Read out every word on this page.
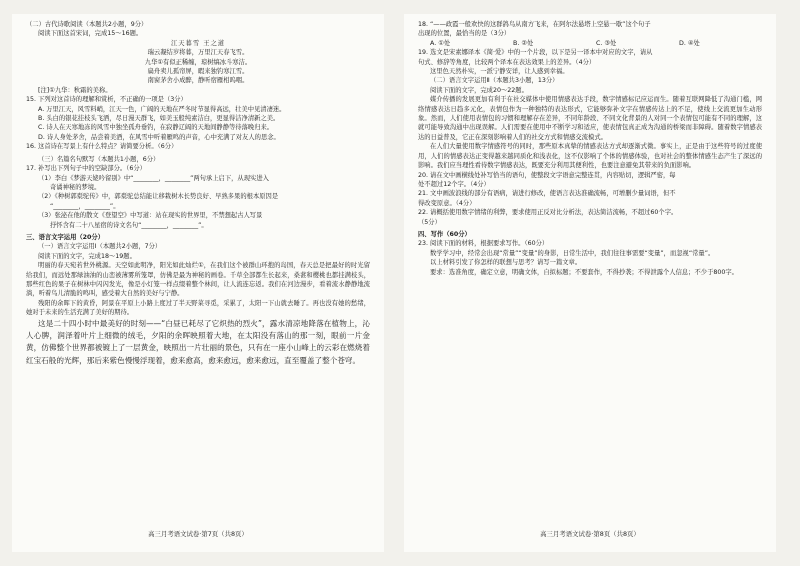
（二）古代诗歌阅读（本题共2小题，9分）
阅读下面这首宋词，完成15～16题。
江天暮雪 王之道
瑞云凝结岁将暮，万里江天春飞雪。
九华①有似正稀缠，琼树缟冰斗寒洁。
扁舟卖儿孤帘屏，暇来独钓寒江雪。
南窗茅舍小成醉，静听宿雁相呜咽。
[注]①九华：秋霜的美称。
15. 下列对这首诗的理解和赏析，不正确的一项是（3分）
A. 万里江天，风雪料峭，江天一色，广阔的天地在严冬时节显得高远，壮美中见清凄迷。
B. 头白的银花挂枝头飞洒，尽日漫天群飞，如美玉般纯素洁白，更显得洁净清新之美。
C. 诗人在天寒地冻的风雪中独坐孤舟垂钓，在寂静辽阔的天地间静静等待落晚归来。
D. 诗人身处茅舍，品尝着美酒，在风雪中听着雁鸣的声音，心中充满了对友人的思念。
16. 这首诗在写景上有什么特点？请简要分析。（6分）
（三）名篇名句默写（本题共1小题，6分）
17. 补写出下列句子中的空缺部分。（6分）
（1）李白《梦游天姥吟留别》中“________，________”两句承上启下，从现实进入
奇谲神秘的梦境。
（2）《种树郭橐驼传》中，郭橐驼总结能让移栽树木长势良好、早熟多果的根本原因是
“________，________”。
（3）张泌在他的散文《登望空》中写道：站在现实的世界里，不禁想起古人写景
抒怀含有二十八星宿的诗文名句“________，________”。
三、语言文字运用（20分）
（一）语言文字运用Ⅰ（本题共2小题，7分）
阅读下面的文字，完成18～19题。
明丽的春天宛若世外桃源。天空如此明净，阳光如此灿烂①，在我们这个被群山环抱的岛国，春天总是把最好的时光留给我们，而远处那绿油油的山峦被薄雾所笼罩，仿佛是最为神秘的画卷。千草全部都生长起来，桑葚和樱桃也都挂满枝头，那些红色的果子在树林中闪闪发光，像是小灯笼一样点缀着整个林间，让人流连忘返。我们在河边漫步，看着流水静静地流淌，听着鸟儿清脆的鸣叫，感受着大自然的美好与宁静。
残阳的余晖下的黄昏，阿景在平原上小路上度过了半天野菜寻觅，采累了，太阳一下山就去睡了。再也没有她的愁绪，她对于未来的生活充满了美好的期待。
这是二十四小时中最美好的时刻——“白昼已耗尽了它炽热的烈火”，露水清凉地降落在植物上，沁人心脾，润泽着叶片上细微的绒毛，夕阳的余晖映照着大地，在太阳没有落山的那一刻，眼前一片金黄，仿佛整个世界都被镀上了一层黄金，映照出一片壮丽的景色，只有在一座小山峰上的云彩在燃烧着红宝石般的光辉，那后来紫色慢慢浮现着，愈来愈高，愈来愈远，愈来愈远，直至覆盖了整个苍穹。
高三月考语文试卷·第7页（共8页）
18. “——政霞一般欢快的这群鸽鸟从南方飞来，在阿尔法悬塔上空悬一歇”这个句子
出现的位置，最恰当的是（3分）
A. ①处	B. ②处	C. ③处	D. ④处
19. 选文是宋素娜译本《简·爱》中的一个片段，以下是另一译本中对应的文字，请从
句式、修辞等角度，比较两个译本在表达效果上的差异。（4分）
这里色天然朴实，一派宁静安详，让人感到幸福。
（二）语言文字运用Ⅱ（本题共3小题，13分）
阅读下面的文字，完成20～22题。
媒介传播的发展更加有利于在社交媒体中使用情感表达手段，数字情感标记应运而生。随着互联网降低了沟通门槛，网络情感表达日趋多元化，表情包作为一种独特的表达形式，它能够弥补文字在情感传达上的不足，使线上交流更加生动形象。然而，人们使用表情包的习惯和理解存在差异，不同年龄段、不同文化背景的人对同一个表情包可能有不同的理解，这就可能导致沟通中出现误解。人们需要在使用中不断学习和适应，使表情包真正成为沟通的桥梁而非障碍。随着数字情感表达的日益普及，它正在深刻影响着人们的社交方式和情感交流模式。
在人们大量使用数字情感符号的同时，那些原本真挚的情感表达方式却逐渐式微。事实上，正是由于这些符号的过度使用，人们的情感表达正变得越来越同质化和浅表化，这不仅影响了个体的情感体验，也对社会的整体情感生态产生了深远的影响。我们应当理性看待数字情感表达，既要充分利用其便利性，也要注意避免其带来的负面影响。
20. 请在文中画横线处补写恰当的语句，使整段文字语意完整连贯，内容贴切，逻辑严密，每
处不超过12个字。（4分）
21. 文中画波浪线的部分有语病，请进行修改，使语言表达准确流畅，可增删少量词语，但不
得改变原意。（4分）
22. 请概括使用数字情绪的利弊，要求使用正反对比分析法，表达简洁流畅，不超过60个字。
（5分）
四、写作（60分）
23. 阅读下面的材料，根据要求写作。（60分）
数学学习中，经常会出现“常量”“变量”的身影，日常生活中，我们往往事需要“变量”，而忽视“常量”。
以上材料引发了你怎样的联想与思考？请写一篇文章。
要求：选准角度，确定立意，明确文体，自拟标题；不要套作，不得抄袭；不得泄露个人信息；不少于800字。
高三月考语文试卷·第8页（共8页）
